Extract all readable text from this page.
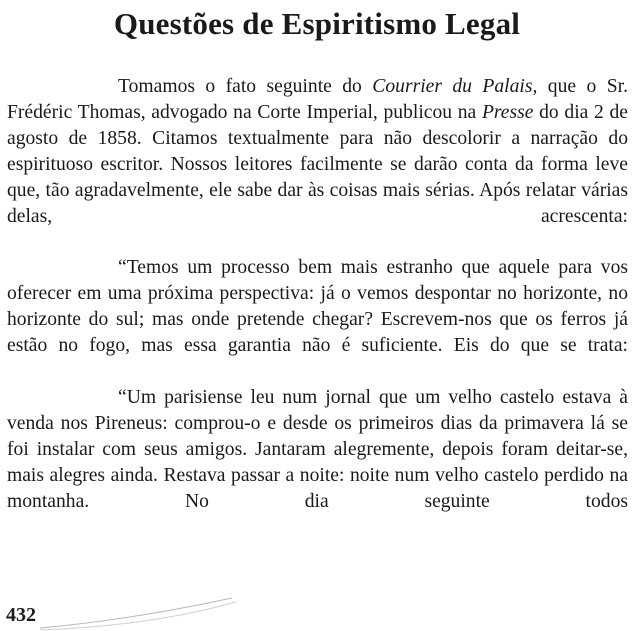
Questões de Espiritismo Legal

Tomamos o fato seguinte do Courrier du Palais, que o Sr. Frédéric Thomas, advogado na Corte Imperial, publicou na Presse do dia 2 de agosto de 1858. Citamos textualmente para não descolorir a narração do espirituoso escritor. Nossos leitores facilmente se darão conta da forma leve que, tão agradavelmente, ele sabe dar às coisas mais sérias. Após relatar várias delas, acrescenta:

“Temos um processo bem mais estranho que aquele para vos oferecer em uma próxima perspectiva: já o vemos despontar no horizonte, no horizonte do sul; mas onde pretende chegar? Escrevem-nos que os ferros já estão no fogo, mas essa garantia não é suficiente. Eis do que se trata:

“Um parisiense leu num jornal que um velho castelo estava à venda nos Pireneus: comprou-o e desde os primeiros dias da primavera lá se foi instalar com seus amigos. Jantaram alegremente, depois foram deitar-se, mais alegres ainda. Restava passar a noite: noite num velho castelo perdido na montanha. No dia seguinte todos

432
